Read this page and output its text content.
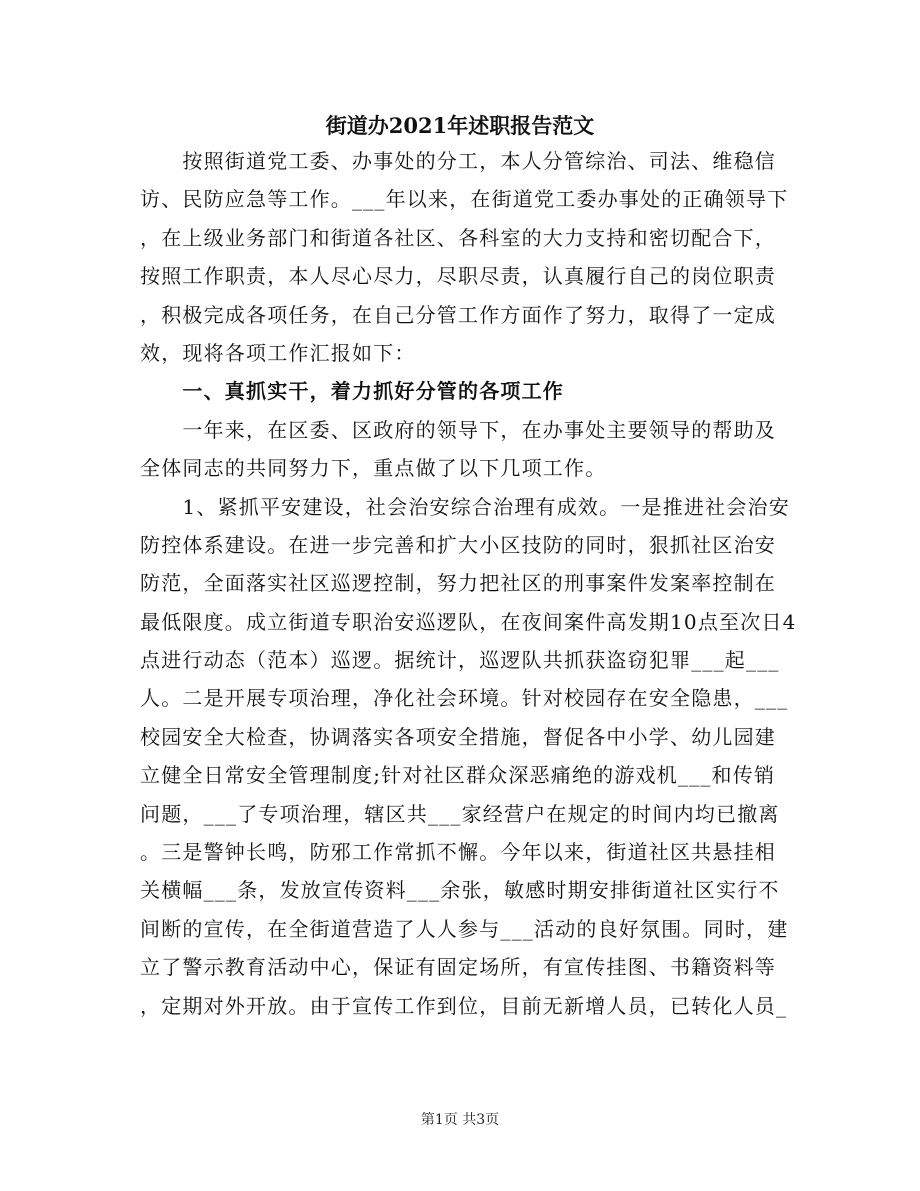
街道办2021年述职报告范文
　　按照街道党工委、办事处的分工，本人分管综治、司法、维稳信
访、民防应急等工作。___年以来，在街道党工委办事处的正确领导下
，在上级业务部门和街道各社区、各科室的大力支持和密切配合下，
按照工作职责，本人尽心尽力，尽职尽责，认真履行自己的岗位职责
，积极完成各项任务，在自己分管工作方面作了努力，取得了一定成
效，现将各项工作汇报如下：
　　一、真抓实干，着力抓好分管的各项工作
　　一年来，在区委、区政府的领导下，在办事处主要领导的帮助及
全体同志的共同努力下，重点做了以下几项工作。
　　1、紧抓平安建设，社会治安综合治理有成效。一是推进社会治安
防控体系建设。在进一步完善和扩大小区技防的同时，狠抓社区治安
防范，全面落实社区巡逻控制，努力把社区的刑事案件发案率控制在
最低限度。成立街道专职治安巡逻队，在夜间案件高发期10点至次日4
点进行动态（范本）巡逻。据统计，巡逻队共抓获盗窃犯罪___起___
人。二是开展专项治理，净化社会环境。针对校园存在安全隐患，___
校园安全大检查，协调落实各项安全措施，督促各中小学、幼儿园建
立健全日常安全管理制度;针对社区群众深恶痛绝的游戏机___和传销
问题，___了专项治理，辖区共___家经营户在规定的时间内均已撤离
。三是警钟长鸣，防邪工作常抓不懈。今年以来，街道社区共悬挂相
关横幅___条，发放宣传资料___余张，敏感时期安排街道社区实行不
间断的宣传，在全街道营造了人人参与___活动的良好氛围。同时，建
立了警示教育活动中心，保证有固定场所，有宣传挂图、书籍资料等
，定期对外开放。由于宣传工作到位，目前无新增人员，已转化人员_
第1页 共3页
